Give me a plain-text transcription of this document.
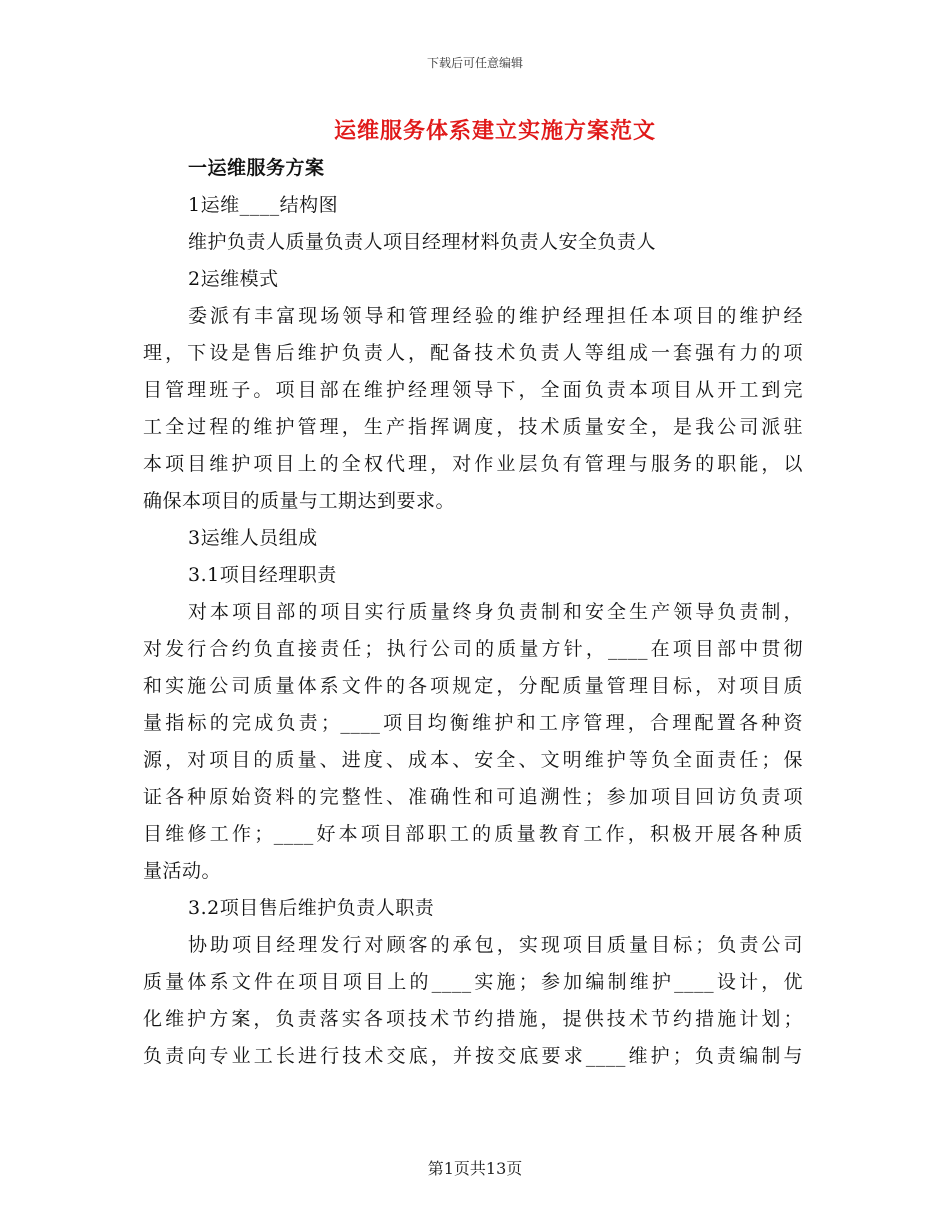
下载后可任意编辑
运维服务体系建立实施方案范文
一运维服务方案
1运维____结构图
维护负责人质量负责人项目经理材料负责人安全负责人
2运维模式
委派有丰富现场领导和管理经验的维护经理担任本项目的维护经
理，下设是售后维护负责人，配备技术负责人等组成一套强有力的项
目管理班子。项目部在维护经理领导下，全面负责本项目从开工到完
工全过程的维护管理，生产指挥调度，技术质量安全，是我公司派驻
本项目维护项目上的全权代理，对作业层负有管理与服务的职能，以
确保本项目的质量与工期达到要求。
3运维人员组成
3.1项目经理职责
对本项目部的项目实行质量终身负责制和安全生产领导负责制，
对发行合约负直接责任；执行公司的质量方针，____在项目部中贯彻
和实施公司质量体系文件的各项规定，分配质量管理目标，对项目质
量指标的完成负责；____项目均衡维护和工序管理，合理配置各种资
源，对项目的质量、进度、成本、安全、文明维护等负全面责任；保
证各种原始资料的完整性、准确性和可追溯性；参加项目回访负责项
目维修工作；____好本项目部职工的质量教育工作，积极开展各种质
量活动。
3.2项目售后维护负责人职责
协助项目经理发行对顾客的承包，实现项目质量目标；负责公司
质量体系文件在项目项目上的____实施；参加编制维护____设计，优
化维护方案，负责落实各项技术节约措施，提供技术节约措施计划；
负责向专业工长进行技术交底，并按交底要求____维护；负责编制与
第1页共13页
